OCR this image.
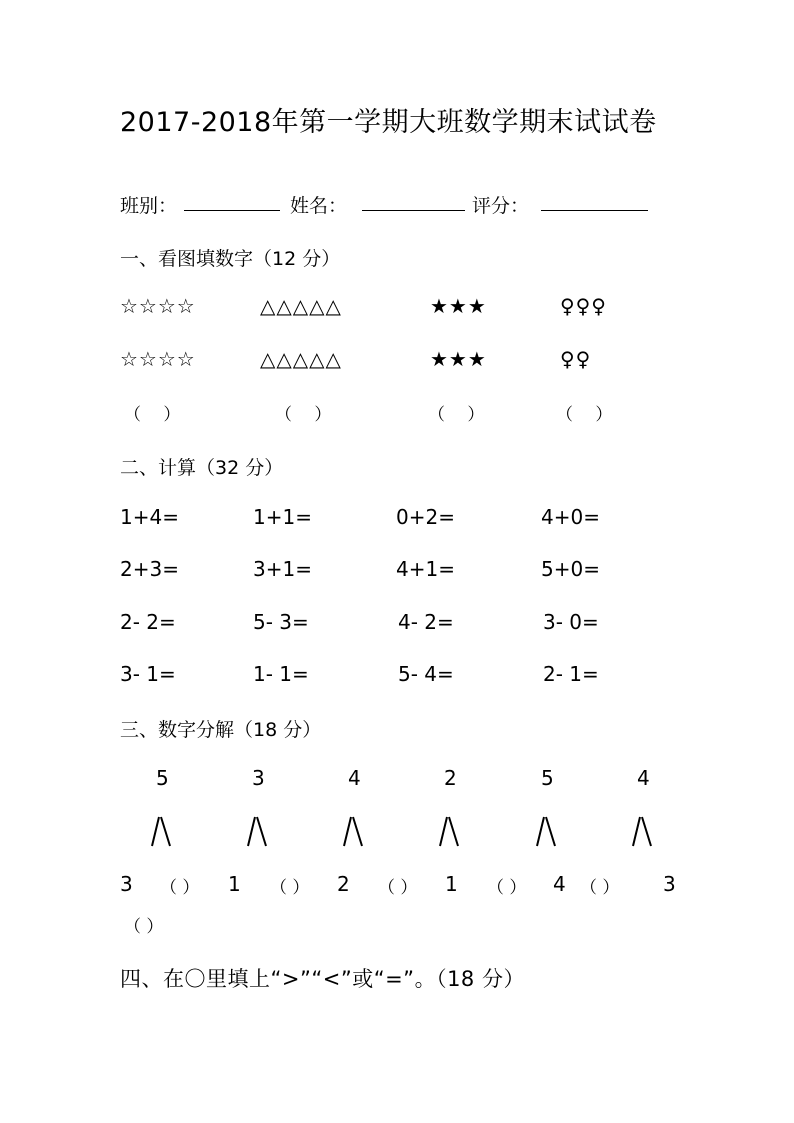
2017-2018年第一学期大班数学期末试试卷
班别：	姓名：	评分：
一、看图填数字（12 分）
☆☆☆☆	△△△△△	★★★	♀♀♀
☆☆☆☆	△△△△△	★★★	♀♀
（　 ）	（　 ）	（　 ）	（　 ）
二、计算（32 分）
1+4=	1+1=	0+2=	4+0=
2+3=	3+1=	4+1=	5+0=
2- 2=	5- 3=	4- 2=	3- 0=
3- 1=	1- 1=	5- 4=	2- 1=
三、数字分解（18 分）
5	3	4	2	5	4
3 （ ） 1 （ ） 2 （ ） 1 （ ） 4 （ ） 3
（ ）
四、在〇里填上“>”“<”或“=”。（18 分）
